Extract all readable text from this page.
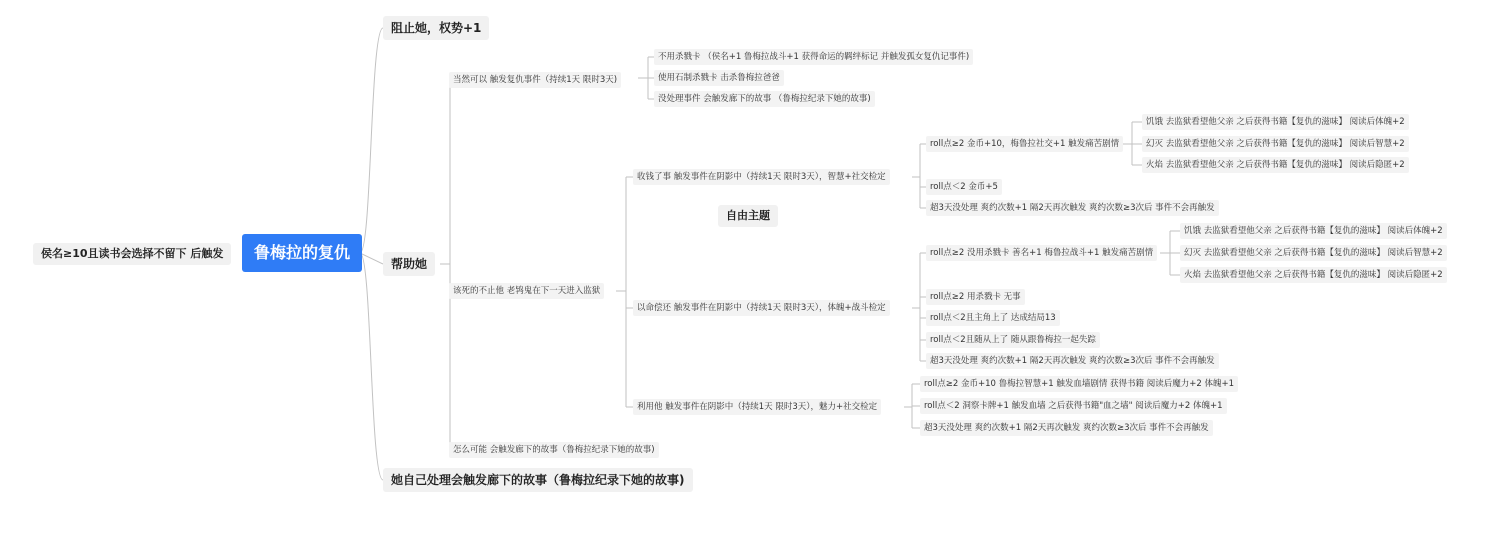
侯名≥10且读书会选择不留下 后触发	鲁梅拉的复仇
自由主题
阻止她，权势+1
帮助她
她自己处理会触发廊下的故事（鲁梅拉纪录下她的故事)
当然可以 触发复仇事件（持续1天 限时3天)
该死的不止他 老鸨鬼在下一天进入监狱
怎么可能 会触发廊下的故事（鲁梅拉纪录下她的故事)
不用杀戮卡 （侯名+1 鲁梅拉战斗+1 获得命运的羁绊标记 并触发孤女复仇记事件)
使用石制杀戮卡 击杀鲁梅拉爸爸
没处理事件 会触发廊下的故事 （鲁梅拉纪录下她的故事)
收钱了事 触发事件在阴影中（持续1天 限时3天），智慧+社交检定
以命偿还 触发事件在阴影中（持续1天 限时3天），体魄+战斗检定
利用他 触发事件在阴影中（持续1天 限时3天），魅力+社交检定
roll点≥2 金币+10，梅鲁拉社交+1 触发痛苦剧情
roll点＜2 金币+5
超3天没处理 爽约次数+1 隔2天再次触发 爽约次数≥3次后 事件不会再触发
饥饿 去监狱看望他父亲 之后获得书籍【复仇的滋味】 阅读后体魄+2
幻灭 去监狱看望他父亲 之后获得书籍【复仇的滋味】 阅读后智慧+2
火焰 去监狱看望他父亲 之后获得书籍【复仇的滋味】 阅读后隐匿+2
roll点≥2 没用杀戮卡 善名+1 梅鲁拉战斗+1 触发痛苦剧情
roll点≥2 用杀戮卡 无事
roll点＜2且主角上了 达成结局13
roll点＜2且随从上了 随从跟鲁梅拉一起失踪
超3天没处理 爽约次数+1 隔2天再次触发 爽约次数≥3次后 事件不会再触发
饥饿 去监狱看望他父亲 之后获得书籍【复仇的滋味】 阅读后体魄+2
幻灭 去监狱看望他父亲 之后获得书籍【复仇的滋味】 阅读后智慧+2
火焰 去监狱看望他父亲 之后获得书籍【复仇的滋味】 阅读后隐匿+2
roll点≥2 金币+10 鲁梅拉智慧+1 触发血墙剧情 获得书籍 阅读后魔力+2 体魄+1
roll点＜2 洞察卡牌+1 触发血墙 之后获得书籍"血之墙" 阅读后魔力+2 体魄+1
超3天没处理 爽约次数+1 隔2天再次触发 爽约次数≥3次后 事件不会再触发
